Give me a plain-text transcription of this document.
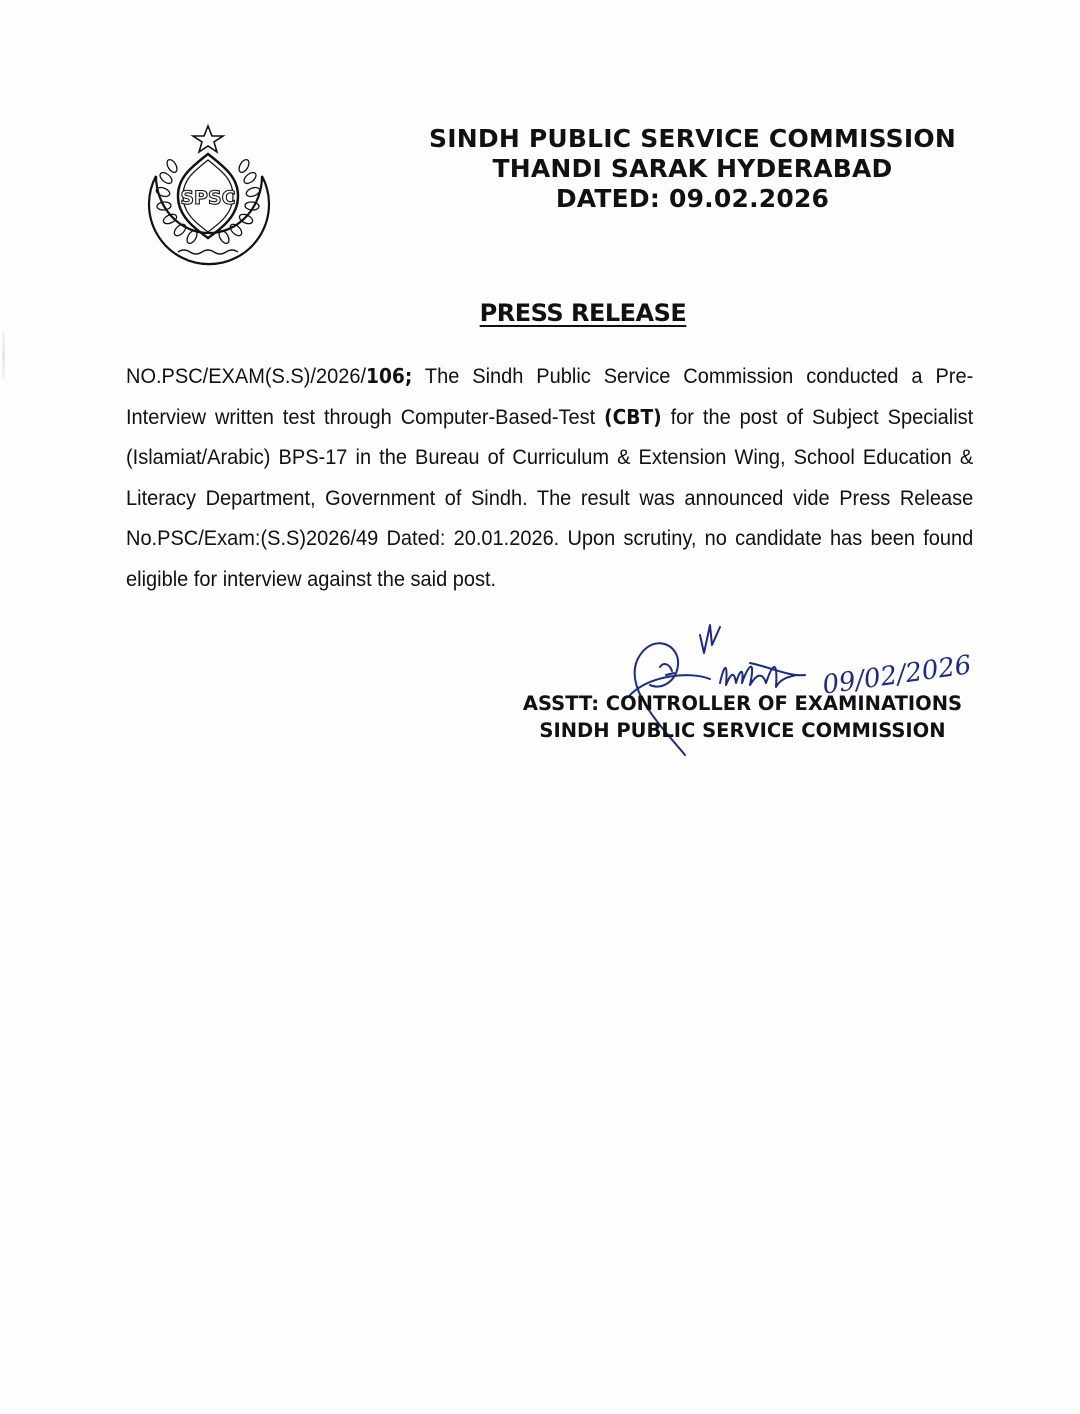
SPSC
SINDH PUBLIC SERVICE COMMISSION
THANDI SARAK HYDERABAD
DATED: 09.02.2026
PRESS RELEASE
NO.PSC/EXAM(S.S)/2026/106; The Sindh Public Service Commission conducted a Pre-Interview written test through Computer-Based-Test (CBT) for the post of Subject Specialist (Islamiat/Arabic) BPS-17 in the Bureau of Curriculum & Extension Wing, School Education & Literacy Department, Government of Sindh. The result was announced vide Press Release No.PSC/Exam:(S.S)2026/49 Dated: 20.01.2026. Upon scrutiny, no candidate has been found eligible for interview against the said post.
09/02/2026
ASSTT: CONTROLLER OF EXAMINATIONS
SINDH PUBLIC SERVICE COMMISSION
